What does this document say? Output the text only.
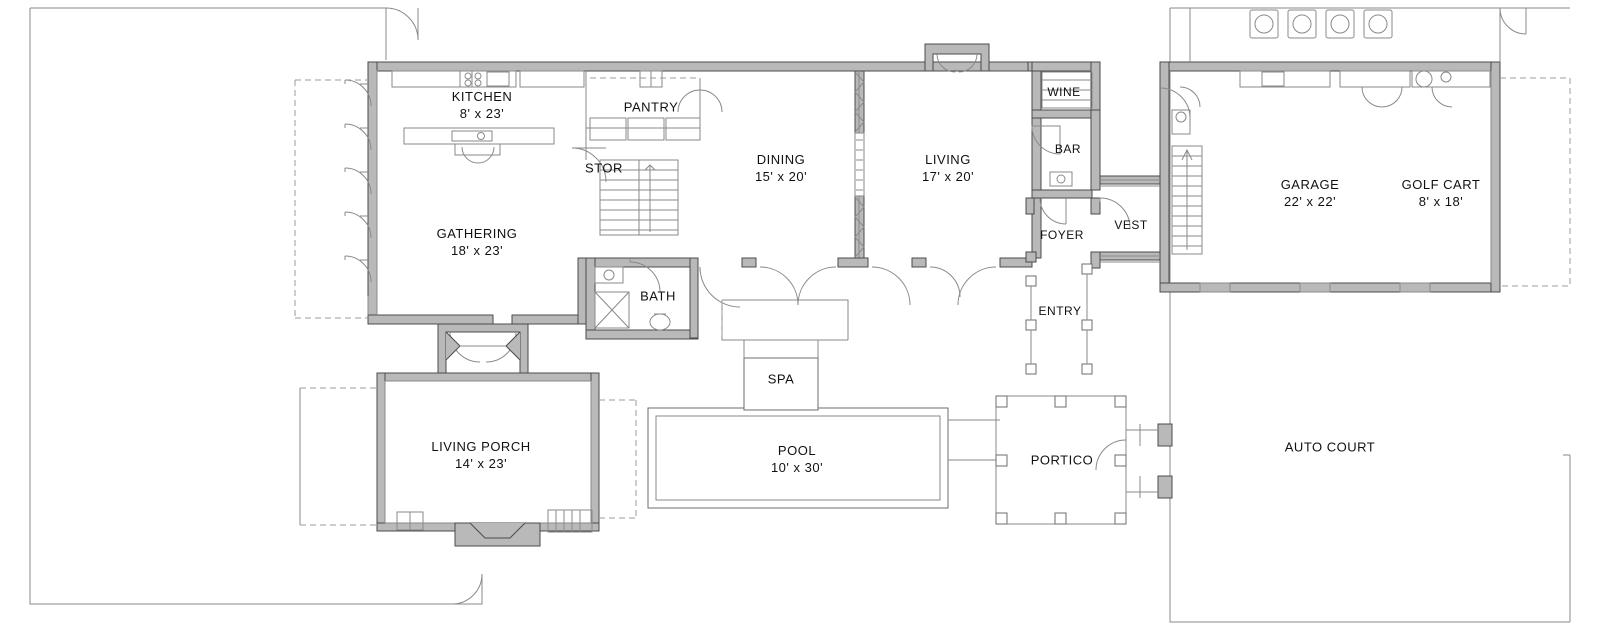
KITCHEN
8' x 23'	PANTRY
STOR
DINING
15' x 20'
LIVING
17' x 20'
WINE
BAR
GATHERING
18' x 23'
FOYER
VEST
BATH
ENTRY
GARAGE
22' x 22'
GOLF CART
8' x 18'
SPA
LIVING PORCH
14' x 23'
POOL
10' x 30'	PORTICO
AUTO COURT
